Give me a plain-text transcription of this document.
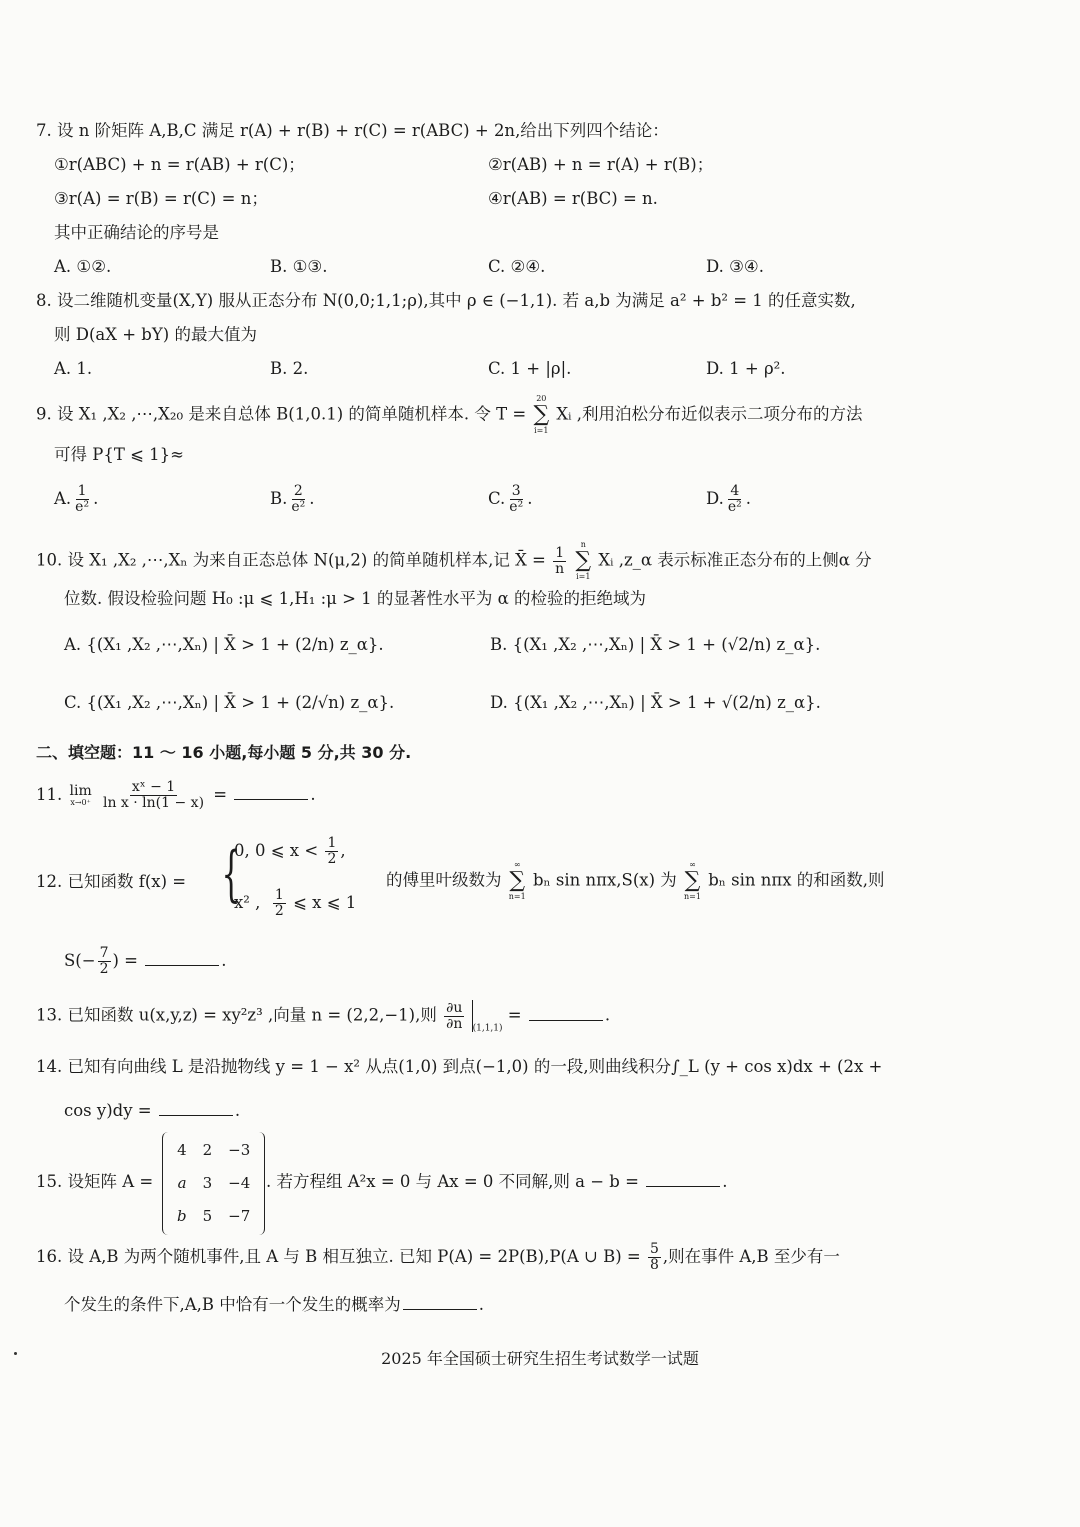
7. 设 n 阶矩阵 A,B,C 满足 r(A) + r(B) + r(C) = r(ABC) + 2n,给出下列四个结论：
①r(ABC) + n = r(AB) + r(C)；	②r(AB) + n = r(A) + r(B)；
③r(A) = r(B) = r(C) = n；	④r(AB) = r(BC) = n.
其中正确结论的序号是
A. ①②.	B. ①③.	C. ②④.	D. ③④.
8. 设二维随机变量(X,Y) 服从正态分布 N(0,0;1,1;ρ),其中 ρ ∈ (−1,1). 若 a,b 为满足 a² + b² = 1 的任意实数,
则 D(aX + bY) 的最大值为
A. 1.	B. 2.	C. 1 + |ρ|.	D. 1 + ρ².
9. 设 X₁ ,X₂ ,⋯,X₂₀ 是来自总体 B(1,0.1) 的简单随机样本. 令 T =
20
∑
i=1
Xᵢ ,利用泊松分布近似表示二项分布的方法
可得 P{T ⩽ 1}≈
A. $\frac{1}{\text{e²}}$ .	B. $\frac{2}{\text{e²}}$ .	C. $\frac{3}{\text{e²}}$ .	D. $\frac{4}{\text{e²}}$ .
10. 设 X₁ ,X₂ ,⋯,Xₙ 为来自正态总体 N(μ,2) 的简单随机样本,记 X̄ = $\frac{1}{n}$

n
∑
i=1
Xᵢ ,z_α 表示标准正态分布的上侧α 分
位数. 假设检验问题 H₀ :μ ⩽ 1,H₁ :μ > 1 的显著性水平为 α 的检验的拒绝域为
A. {(X₁ ,X₂ ,⋯,Xₙ) | X̄ > 1 + (2/n) z_α}.	B. {(X₁ ,X₂ ,⋯,Xₙ) | X̄ > 1 + (√2/n) z_α}.
C. {(X₁ ,X₂ ,⋯,Xₙ) | X̄ > 1 + (2/√n) z_α}.	D. {(X₁ ,X₂ ,⋯,Xₙ) | X̄ > 1 + √(2/n) z_α}.
二、填空题：11 ～ 16 小题,每小题 5 分,共 30 分.
11. lim
x→0⁺
$\frac{\text{xˣ − 1}}{\text{ln x · ln(1 − x)}}$ =	.
12. 已知函数 f(x) = {
0, 0 ⩽ $x < \frac{1}{2}$ ,
x² , $\frac{1}{2}$ ⩽ x ⩽ 1
的傅里叶级数为
∞
∑
n=1
bₙ sin nπx,S(x) 为
∞
∑
n=1
bₙ sin nπx 的和函数,则
$S(- \frac{7}{2}$ ) =	.
13. 已知函数 u(x,y,z) = xy²z³ ,向量 n = (2,2,−1),则 $\frac{\partial u}{\partial n} _{(1,1,1)}$ =	.
14. 已知有向曲线 L 是沿抛物线 y = 1 − x² 从点(1,0) 到点(−1,0) 的一段,则曲线积分∫_L (y + cos x)dx + (2x +
cos y)dy =	.
15. 设矩阵 A =
4	2	−3
a	3	−4
b	5	−7
. 若方程组 A²x = 0 与 Ax = 0 不同解,则 a − b =	.
16. 设 A,B 为两个随机事件,且 A 与 B 相互独立. 已知 P(A) = 2P(B),P(A ∪ $B) = \frac{5}{8}$ ,则在事件 A,B 至少有一
个发生的条件下,A,B 中恰有一个发生的概率为	.
2025 年全国硕士研究生招生考试数学一试题
